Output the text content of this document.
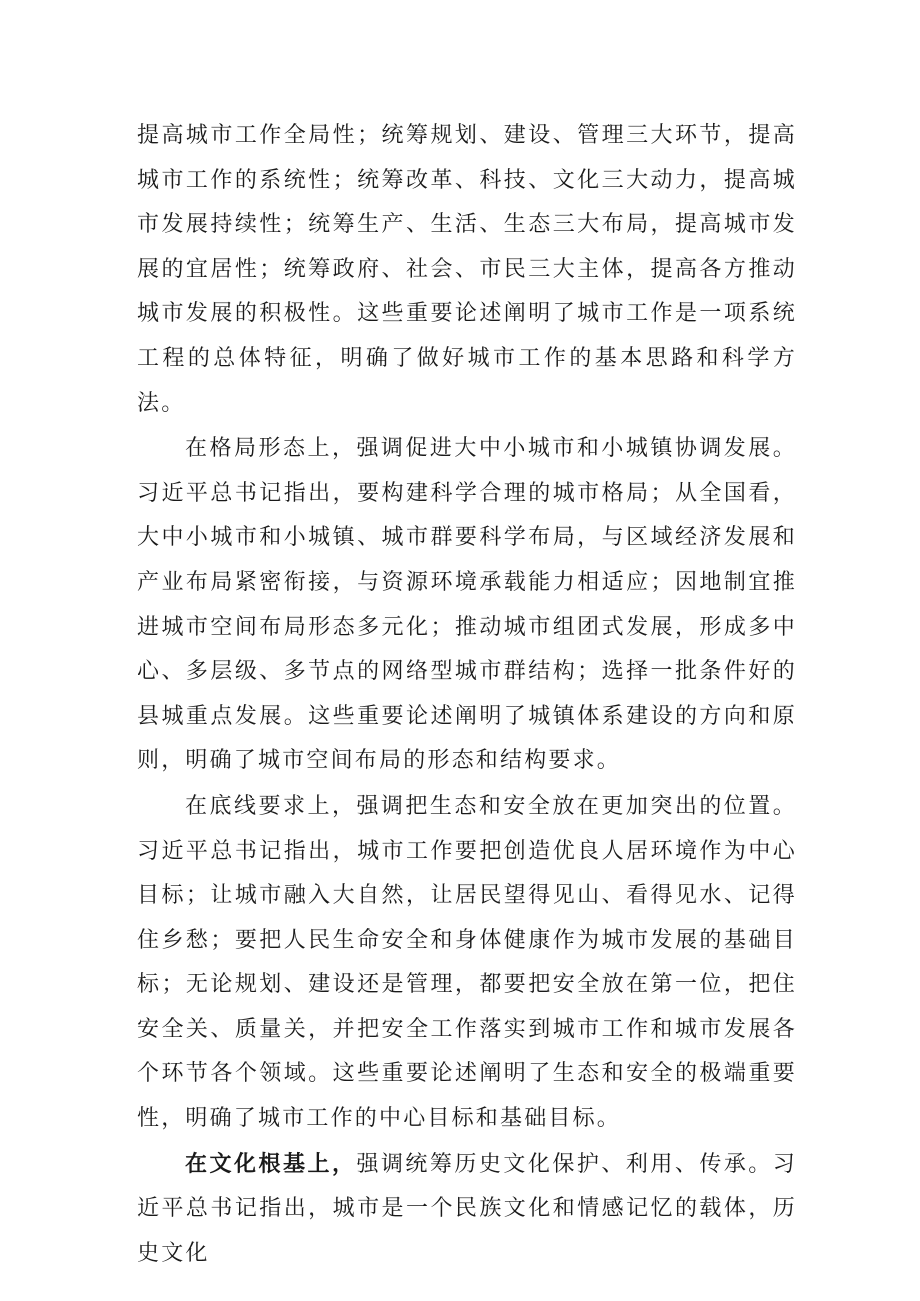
提高城市工作全局性；统筹规划、建设、管理三大环节，提高城市工作的系统性；统筹改革、科技、文化三大动力，提高城市发展持续性；统筹生产、生活、生态三大布局，提高城市发展的宜居性；统筹政府、社会、市民三大主体，提高各方推动城市发展的积极性。这些重要论述阐明了城市工作是一项系统工程的总体特征，明确了做好城市工作的基本思路和科学方法。

在格局形态上，强调促进大中小城市和小城镇协调发展。习近平总书记指出，要构建科学合理的城市格局；从全国看，大中小城市和小城镇、城市群要科学布局，与区域经济发展和产业布局紧密衔接，与资源环境承载能力相适应；因地制宜推进城市空间布局形态多元化；推动城市组团式发展，形成多中心、多层级、多节点的网络型城市群结构；选择一批条件好的县城重点发展。这些重要论述阐明了城镇体系建设的方向和原则，明确了城市空间布局的形态和结构要求。

在底线要求上，强调把生态和安全放在更加突出的位置。习近平总书记指出，城市工作要把创造优良人居环境作为中心目标；让城市融入大自然，让居民望得见山、看得见水、记得住乡愁；要把人民生命安全和身体健康作为城市发展的基础目标；无论规划、建设还是管理，都要把安全放在第一位，把住安全关、质量关，并把安全工作落实到城市工作和城市发展各个环节各个领域。这些重要论述阐明了生态和安全的极端重要性，明确了城市工作的中心目标和基础目标。

在文化根基上，强调统筹历史文化保护、利用、传承。习近平总书记指出，城市是一个民族文化和情感记忆的载体，历史文化
